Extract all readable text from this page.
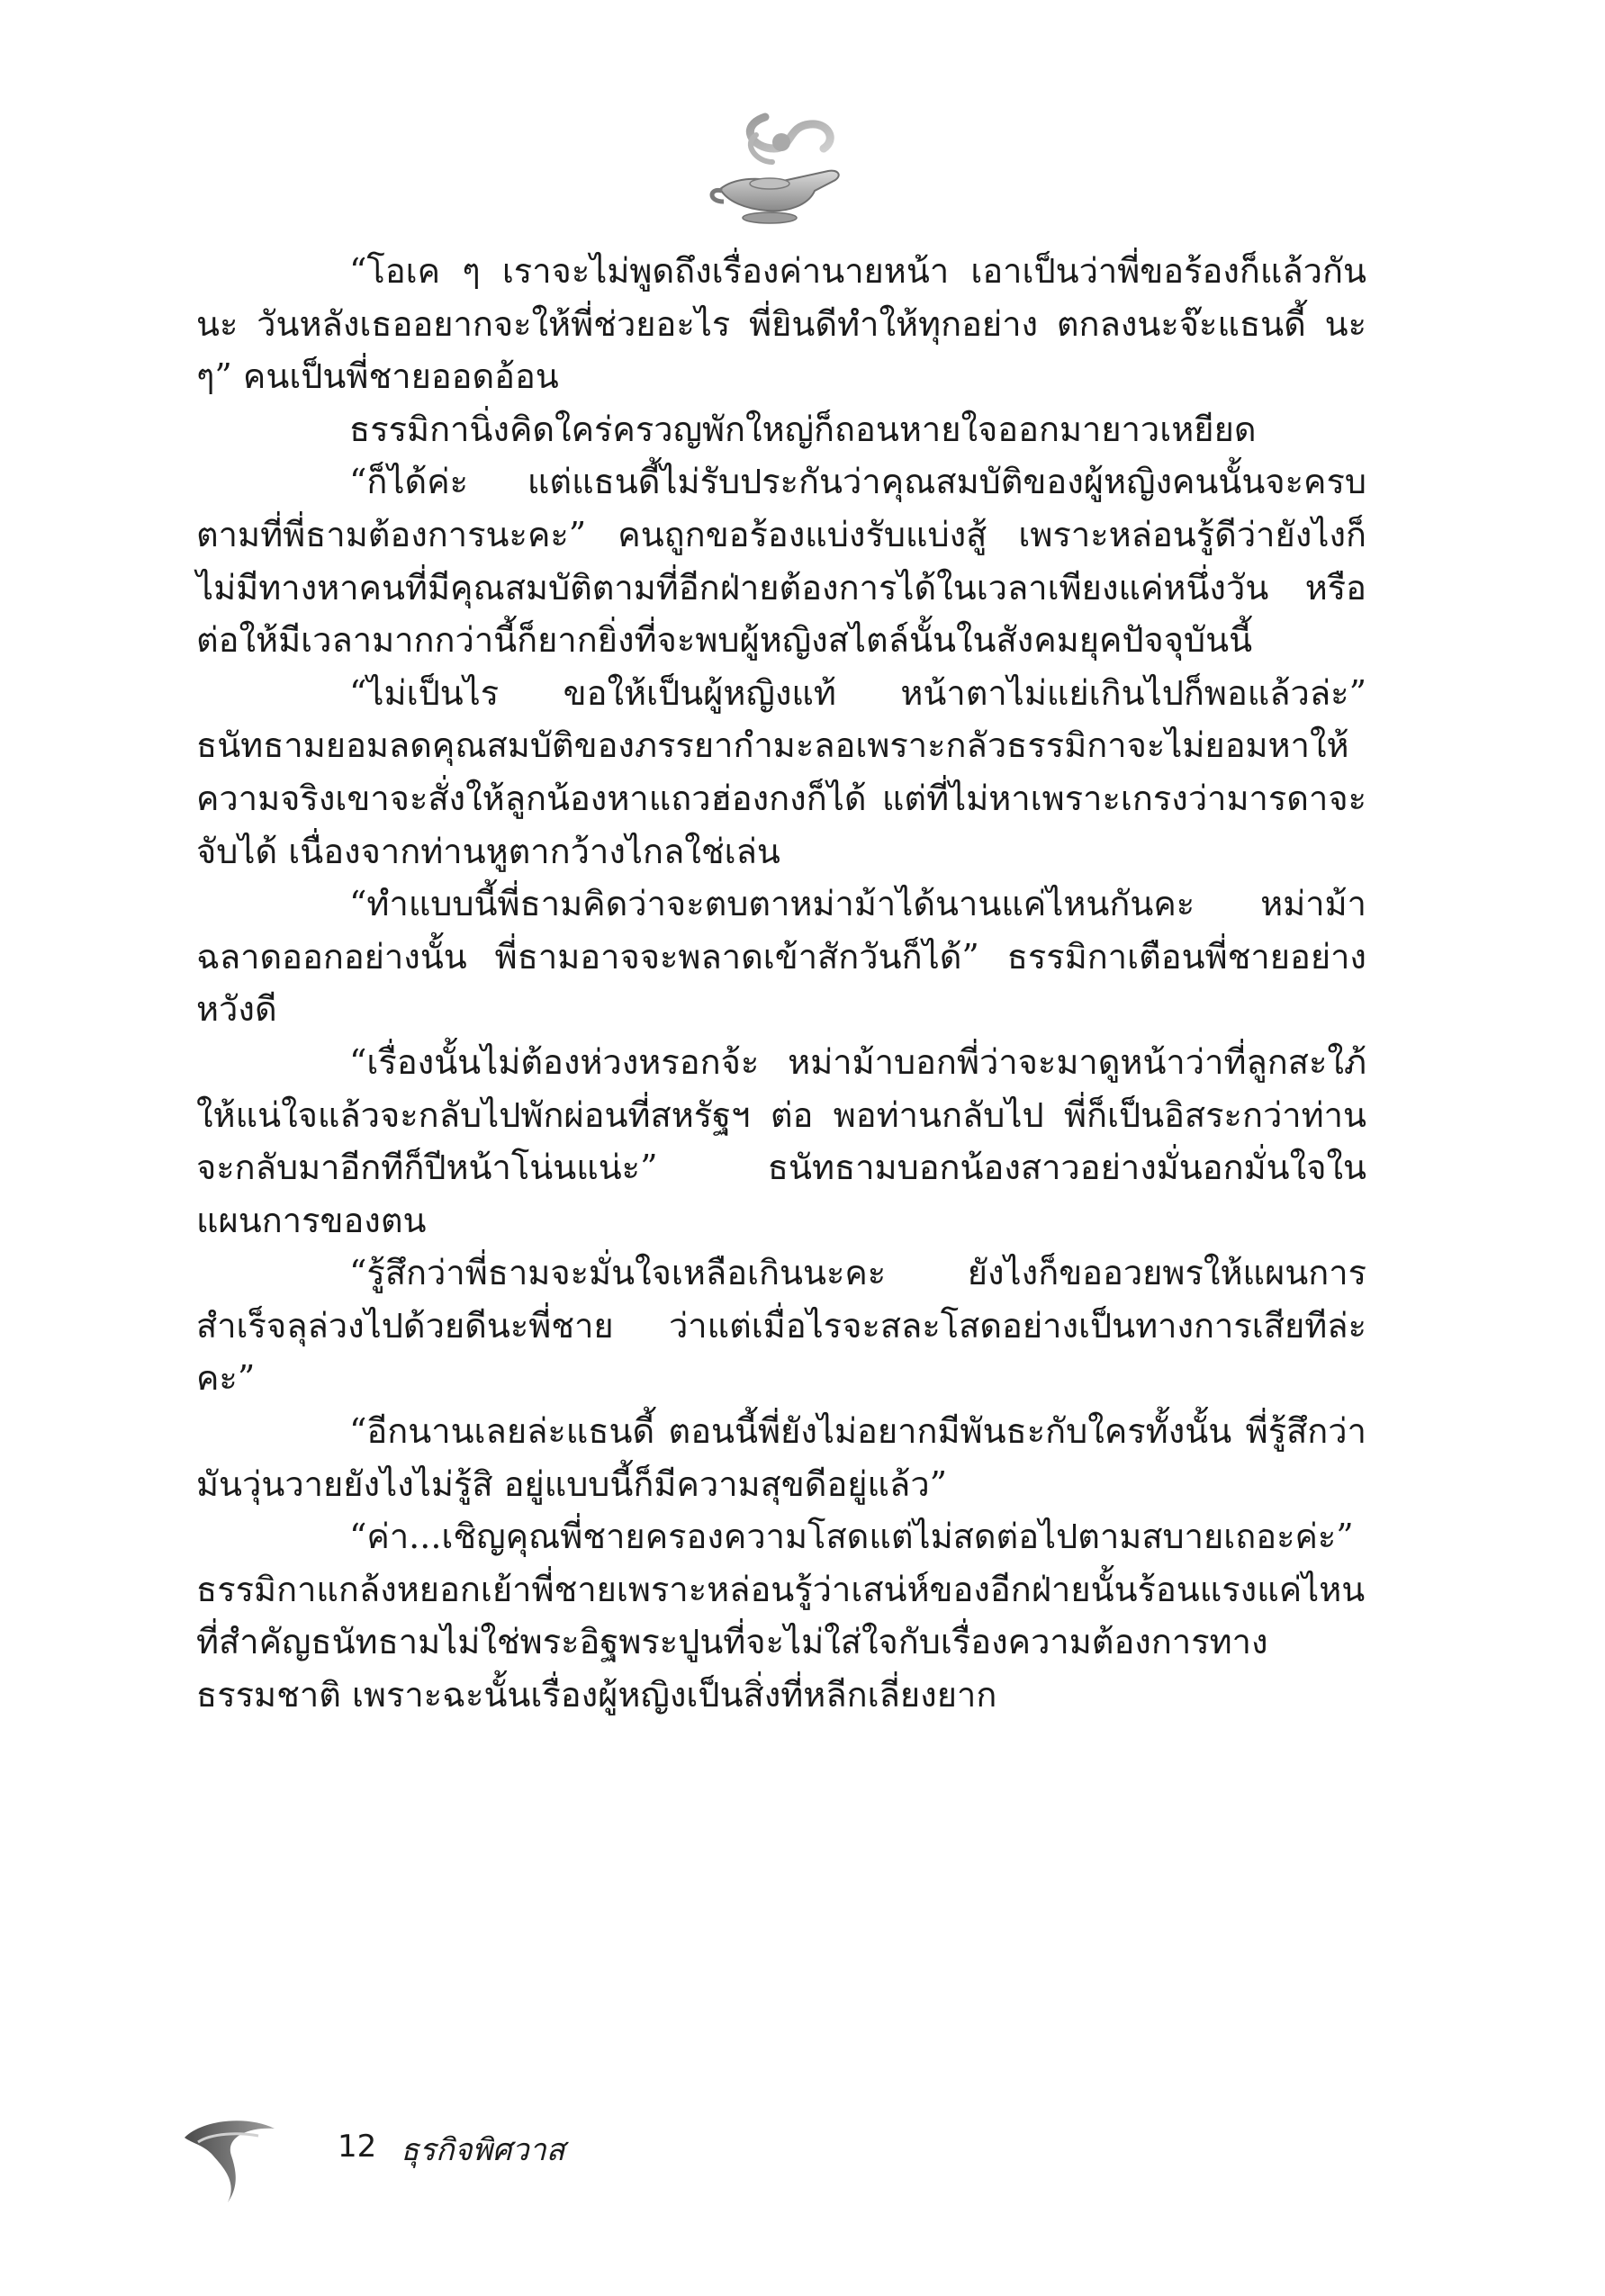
“โอเค ๆ เราจะไม่พูดถึงเรื่องค่านายหน้า เอาเป็นว่าพี่ขอร้องก็แล้วกันนะ วันหลังเธออยากจะให้พี่ช่วยอะไร พี่ยินดีทำให้ทุกอย่าง ตกลงนะจ๊ะแธนดี้ นะ ๆ” คนเป็นพี่ชายออดอ้อน

ธรรมิกานิ่งคิดใคร่ครวญพักใหญ่ก็ถอนหายใจออกมายาวเหยียด

“ก็ได้ค่ะ แต่แธนดี้ไม่รับประกันว่าคุณสมบัติของผู้หญิงคนนั้นจะครบตามที่พี่ธามต้องการนะคะ” คนถูกขอร้องแบ่งรับแบ่งสู้ เพราะหล่อนรู้ดีว่ายังไงก็ไม่มีทางหาคนที่มีคุณสมบัติตามที่อีกฝ่ายต้องการได้ในเวลาเพียงแค่หนึ่งวัน หรือต่อให้มีเวลามากกว่านี้ก็ยากยิ่งที่จะพบผู้หญิงสไตล์นั้นในสังคมยุคปัจจุบันนี้

“ไม่เป็นไร ขอให้เป็นผู้หญิงแท้ หน้าตาไม่แย่เกินไปก็พอแล้วล่ะ” ธนัทธามยอมลดคุณสมบัติของภรรยากำมะลอเพราะกลัวธรรมิกาจะไม่ยอมหาให้ ความจริงเขาจะสั่งให้ลูกน้องหาแถวฮ่องกงก็ได้ แต่ที่ไม่หาเพราะเกรงว่ามารดาจะจับได้ เนื่องจากท่านหูตากว้างไกลใช่เล่น

“ทำแบบนี้พี่ธามคิดว่าจะตบตาหม่าม้าได้นานแค่ไหนกันคะ หม่าม้าฉลาดออกอย่างนั้น พี่ธามอาจจะพลาดเข้าสักวันก็ได้” ธรรมิกาเตือนพี่ชายอย่างหวังดี

“เรื่องนั้นไม่ต้องห่วงหรอกจ้ะ หม่าม้าบอกพี่ว่าจะมาดูหน้าว่าที่ลูกสะใภ้ให้แน่ใจแล้วจะกลับไปพักผ่อนที่สหรัฐฯ ต่อ พอท่านกลับไป พี่ก็เป็นอิสระกว่าท่านจะกลับมาอีกทีก็ปีหน้าโน่นแน่ะ” ธนัทธามบอกน้องสาวอย่างมั่นอกมั่นใจในแผนการของตน

“รู้สึกว่าพี่ธามจะมั่นใจเหลือเกินนะคะ ยังไงก็ขออวยพรให้แผนการสำเร็จลุล่วงไปด้วยดีนะพี่ชาย ว่าแต่เมื่อไรจะสละโสดอย่างเป็นทางการเสียทีล่ะคะ”

“อีกนานเลยล่ะแธนดี้ ตอนนี้พี่ยังไม่อยากมีพันธะกับใครทั้งนั้น พี่รู้สึกว่ามันวุ่นวายยังไงไม่รู้สิ อยู่แบบนี้ก็มีความสุขดีอยู่แล้ว”

“ค่า...เชิญคุณพี่ชายครองความโสดแต่ไม่สดต่อไปตามสบายเถอะค่ะ” ธรรมิกาแกล้งหยอกเย้าพี่ชายเพราะหล่อนรู้ว่าเสน่ห์ของอีกฝ่ายนั้นร้อนแรงแค่ไหน ที่สำคัญธนัทธามไม่ใช่พระอิฐพระปูนที่จะไม่ใส่ใจกับเรื่องความต้องการทางธรรมชาติ เพราะฉะนั้นเรื่องผู้หญิงเป็นสิ่งที่หลีกเลี่ยงยาก

12 ธุรกิจพิศวาส
